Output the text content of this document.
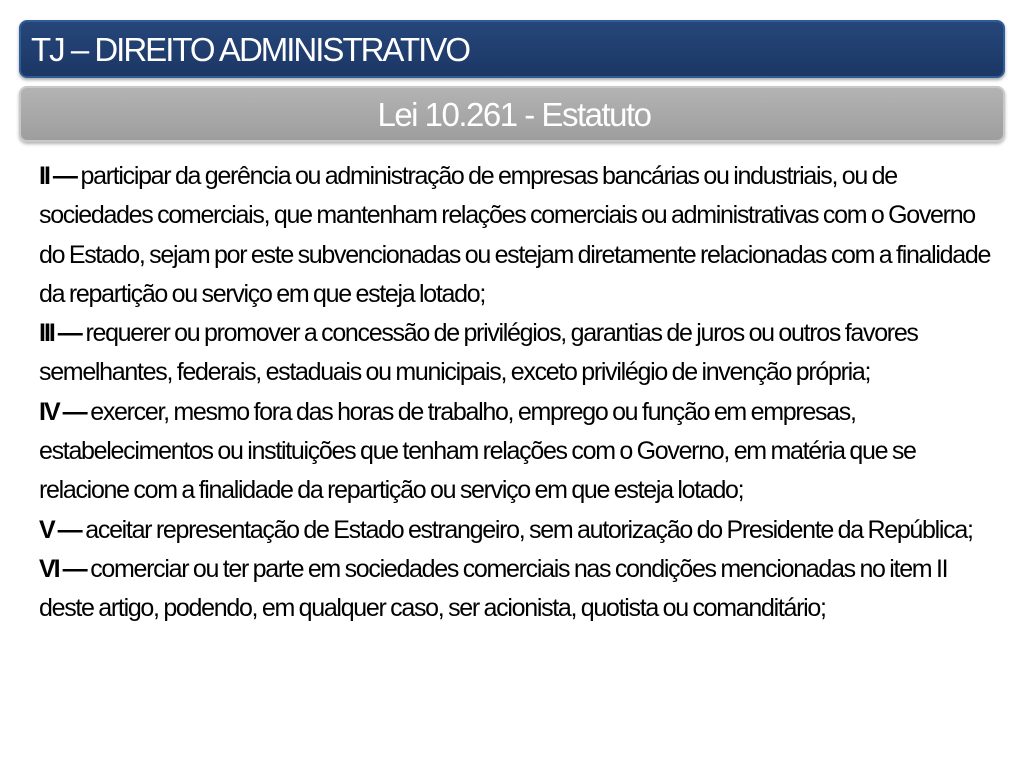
TJ – DIREITO ADMINISTRATIVO
Lei 10.261 - Estatuto

II — participar da gerência ou administração de empresas bancárias ou industriais, ou de sociedades comerciais, que mantenham relações comerciais ou administrativas com o Governo do Estado, sejam por este subvencionadas ou estejam diretamente relacionadas com a finalidade da repartição ou serviço em que esteja lotado;

III — requerer ou promover a concessão de privilégios, garantias de juros ou outros favores semelhantes, federais, estaduais ou municipais, exceto privilégio de invenção própria;

IV — exercer, mesmo fora das horas de trabalho, emprego ou função em empresas, estabelecimentos ou instituições que tenham relações com o Governo, em matéria que se relacione com a finalidade da repartição ou serviço em que esteja lotado;

V — aceitar representação de Estado estrangeiro, sem autorização do Presidente da República;

VI — comerciar ou ter parte em sociedades comerciais nas condições mencionadas no item II deste artigo, podendo, em qualquer caso, ser acionista, quotista ou comanditário;
